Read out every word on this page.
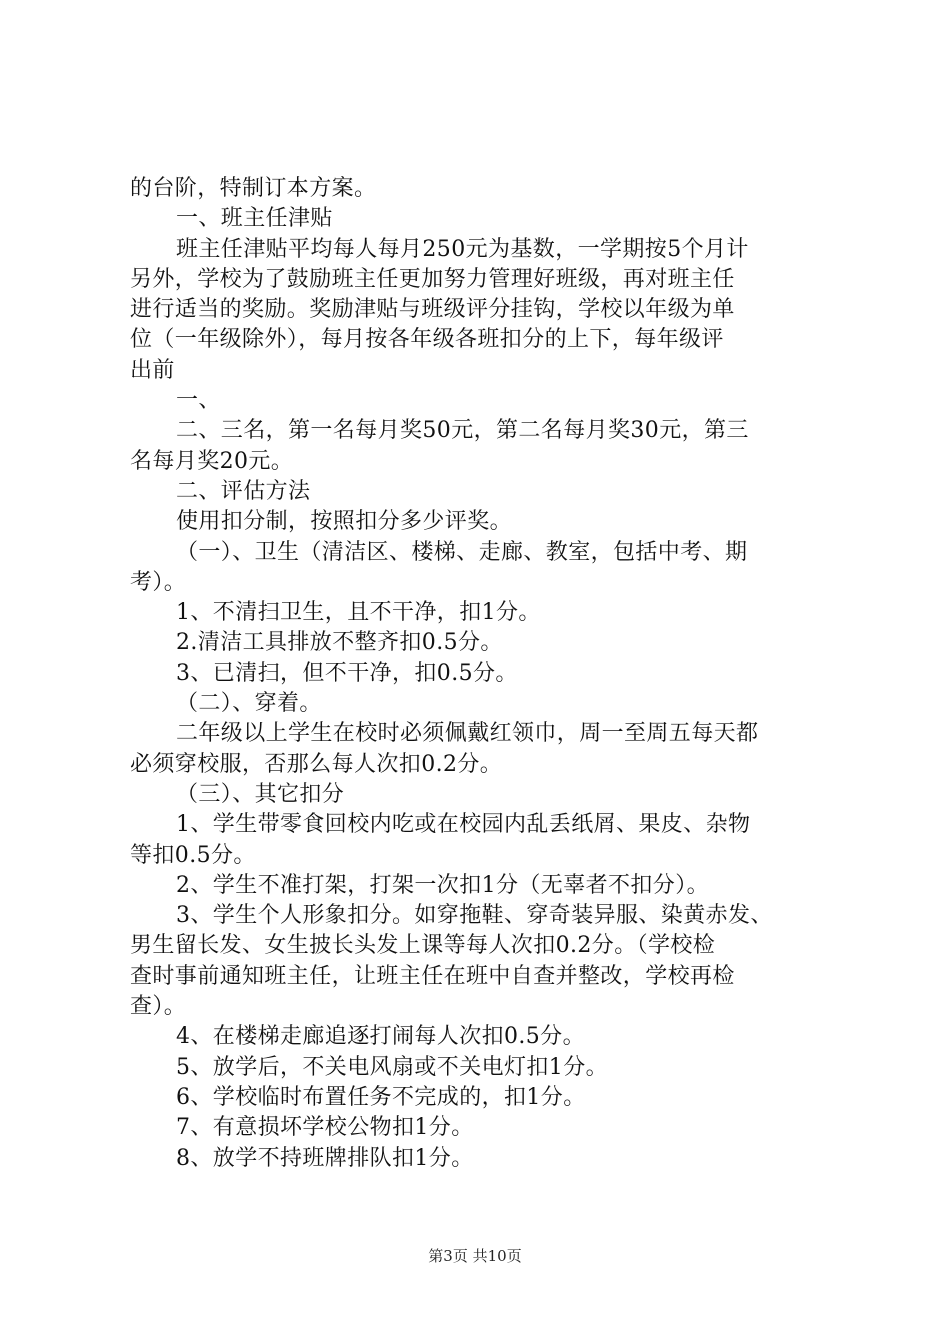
的台阶，特制订本方案。
一、班主任津贴
班主任津贴平均每人每月250元为基数，一学期按5个月计
另外，学校为了鼓励班主任更加努力管理好班级，再对班主任
进行适当的奖励。奖励津贴与班级评分挂钩，学校以年级为单
位（一年级除外），每月按各年级各班扣分的上下，每年级评
出前
一、
二、三名，第一名每月奖50元，第二名每月奖30元，第三
名每月奖20元。
二、评估方法
使用扣分制，按照扣分多少评奖。
（一）、卫生（清洁区、楼梯、走廊、教室，包括中考、期
考）。
1、不清扫卫生，且不干净，扣1分。
2.清洁工具排放不整齐扣0.5分。
3、已清扫，但不干净，扣0.5分。
（二）、穿着。
二年级以上学生在校时必须佩戴红领巾，周一至周五每天都
必须穿校服，否那么每人次扣0.2分。
（三）、其它扣分
1、学生带零食回校内吃或在校园内乱丢纸屑、果皮、杂物
等扣0.5分。
2、学生不准打架，打架一次扣1分（无辜者不扣分）。
3、学生个人形象扣分。如穿拖鞋、穿奇装异服、染黄赤发、
男生留长发、女生披长头发上课等每人次扣0.2分。（学校检
查时事前通知班主任，让班主任在班中自查并整改，学校再检
查）。
4、在楼梯走廊追逐打闹每人次扣0.5分。
5、放学后，不关电风扇或不关电灯扣1分。
6、学校临时布置任务不完成的，扣1分。
7、有意损坏学校公物扣1分。
8、放学不持班牌排队扣1分。
第3页 共10页
